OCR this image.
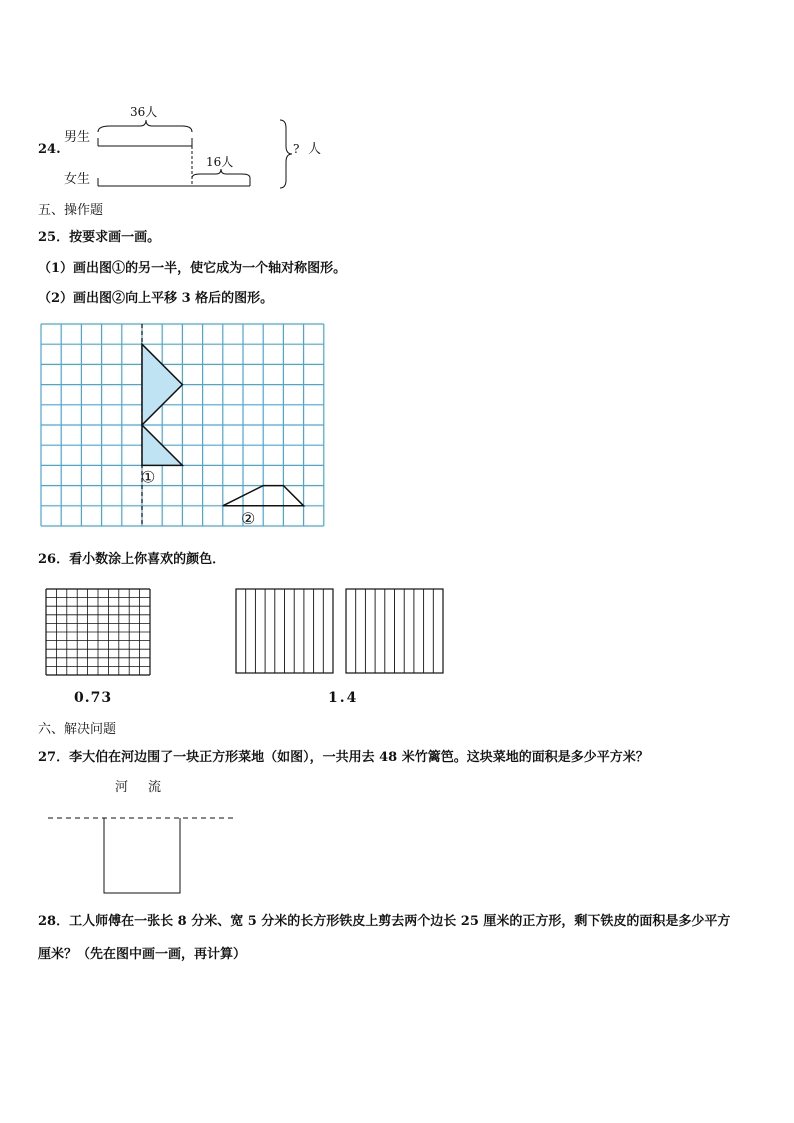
24.
男生
女生
36人
16人
? 人
五、操作题
25．按要求画一画。
（1）画出图①的另一半，使它成为一个轴对称图形。
（2）画出图②向上平移 3 格后的图形。
①
②
26．看小数涂上你喜欢的颜色．
0.73	1.4
六、解决问题
27．李大伯在河边围了一块正方形菜地（如图），一共用去 48 米竹篱笆。这块菜地的面积是多少平方米？
河 流
28．工人师傅在一张长 8 分米、宽 5 分米的长方形铁皮上剪去两个边长 25 厘米的正方形，剩下铁皮的面积是多少平方
厘米？（先在图中画一画，再计算）
